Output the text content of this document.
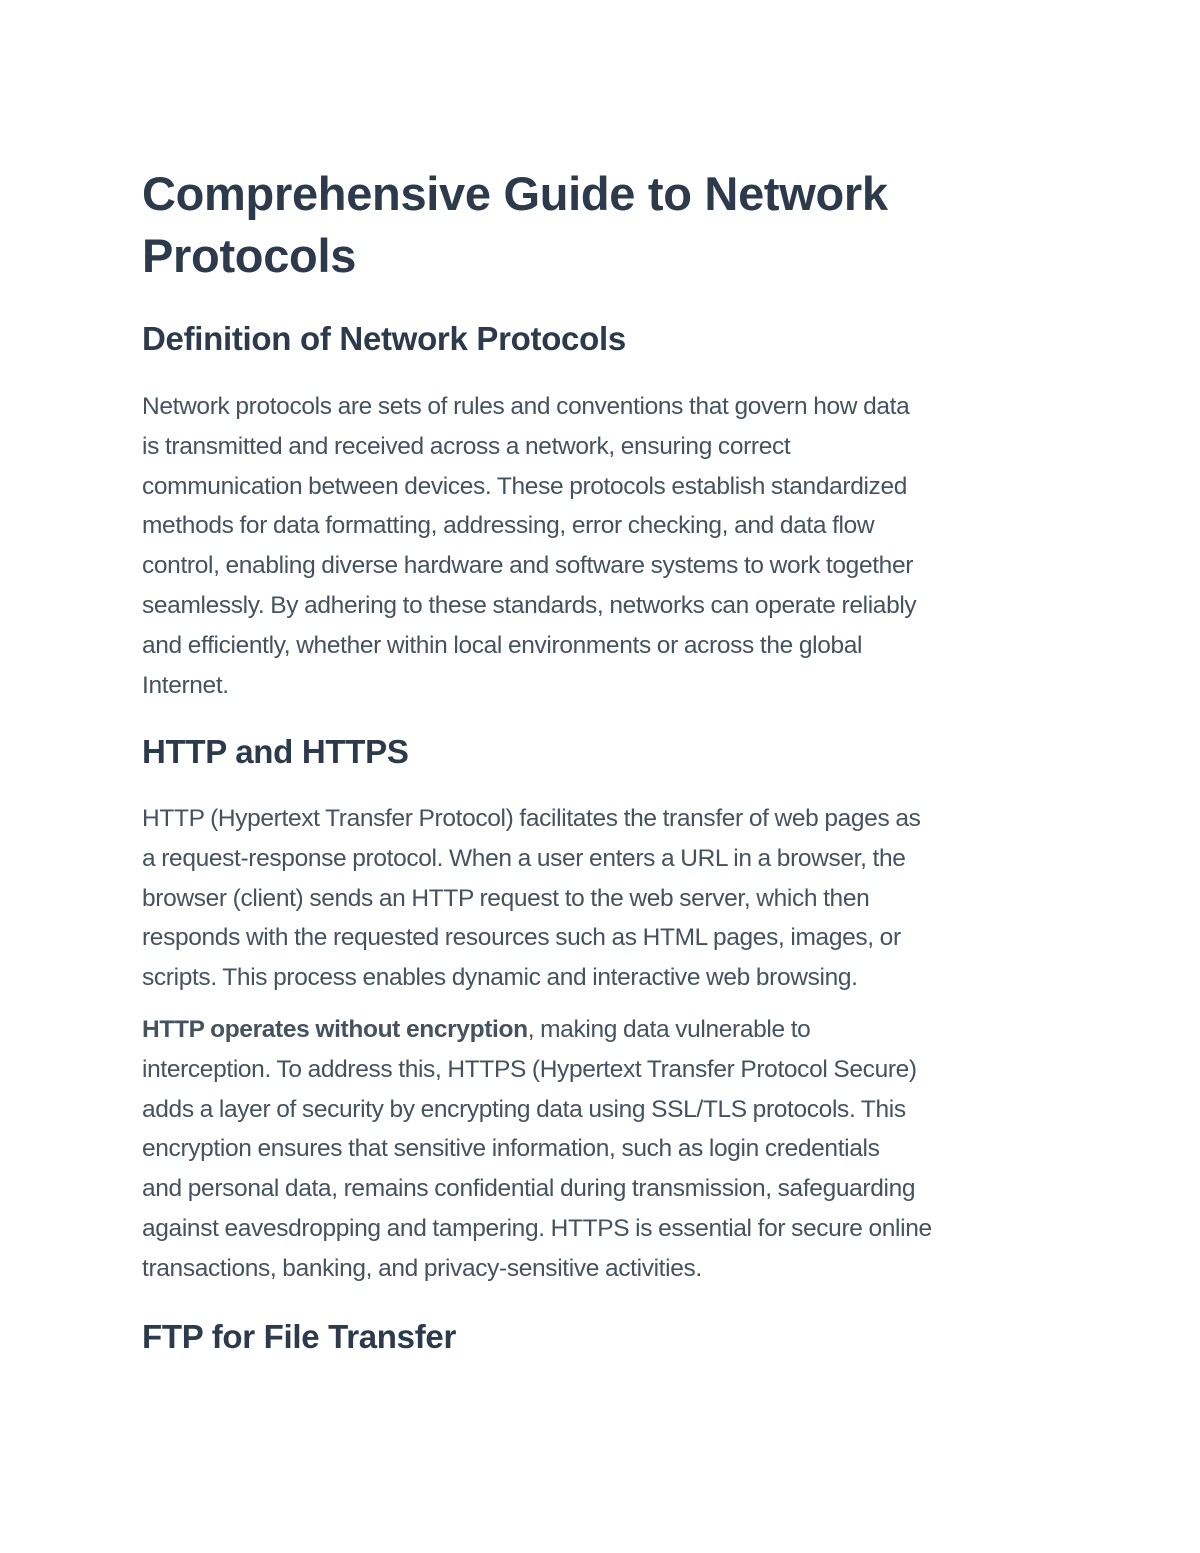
Comprehensive Guide to Network
Protocols
Definition of Network Protocols

Network protocols are sets of rules and conventions that govern how data
is transmitted and received across a network, ensuring correct
communication between devices. These protocols establish standardized
methods for data formatting, addressing, error checking, and data flow
control, enabling diverse hardware and software systems to work together
seamlessly. By adhering to these standards, networks can operate reliably
and efficiently, whether within local environments or across the global
Internet.

HTTP and HTTPS

HTTP (Hypertext Transfer Protocol) facilitates the transfer of web pages as
a request-response protocol. When a user enters a URL in a browser, the
browser (client) sends an HTTP request to the web server, which then
responds with the requested resources such as HTML pages, images, or
scripts. This process enables dynamic and interactive web browsing.

HTTP operates without encryption, making data vulnerable to
interception. To address this, HTTPS (Hypertext Transfer Protocol Secure)
adds a layer of security by encrypting data using SSL/TLS protocols. This
encryption ensures that sensitive information, such as login credentials
and personal data, remains confidential during transmission, safeguarding
against eavesdropping and tampering. HTTPS is essential for secure online
transactions, banking, and privacy-sensitive activities.

FTP for File Transfer
